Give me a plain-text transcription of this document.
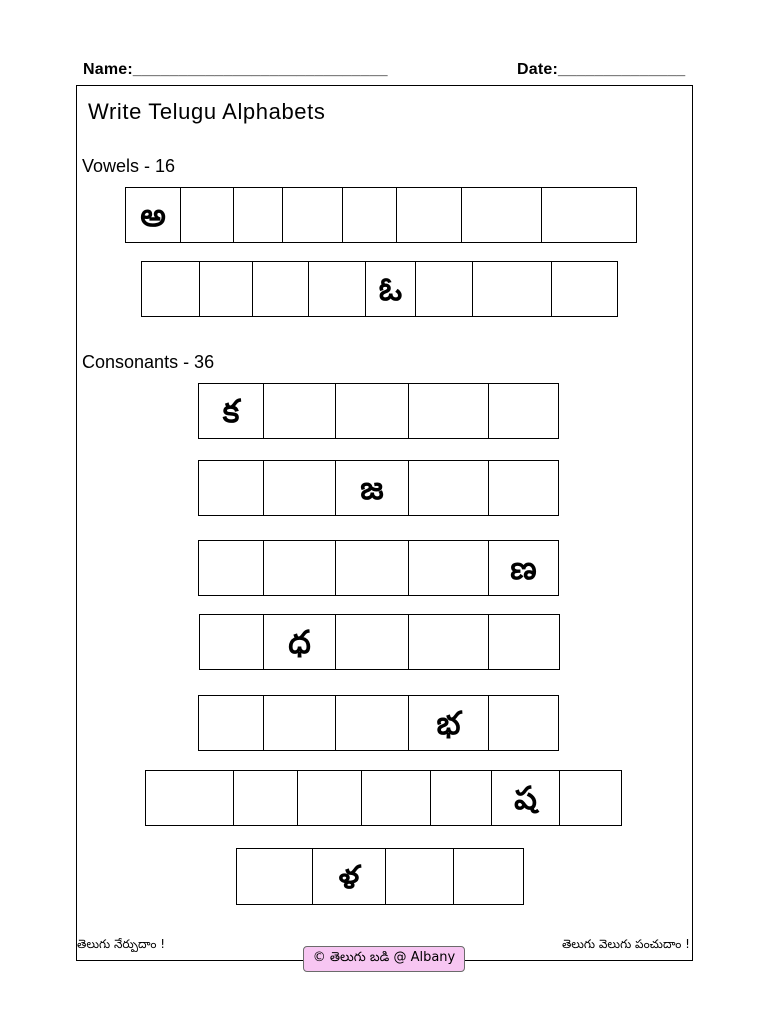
Name:____________________________	Date:______________
Write Telugu Alphabets
Vowels - 16
అ
ఓ
Consonants - 36
క
జ
ణ
ధ
భ
ష
ళ
తెలుగు నేర్పుదాం !	తెలుగు వెలుగు పంచుదాం !
© తెలుగు బడి @ Albany
